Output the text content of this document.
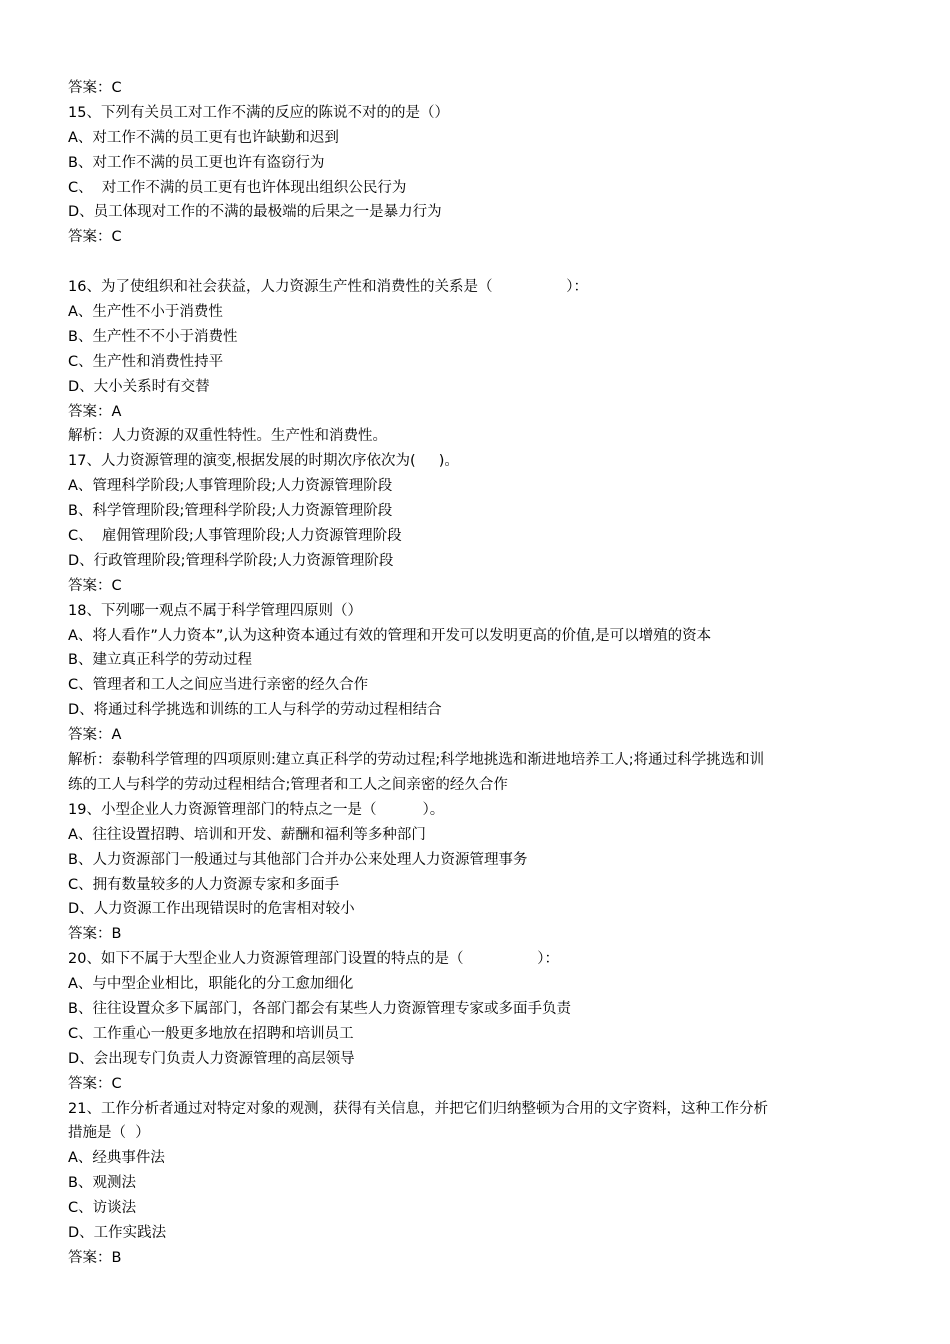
答案：C
15、下列有关员工对工作不满的反应的陈说不对的的是（）
A、对工作不满的员工更有也许缺勤和迟到
B、对工作不满的员工更也许有盗窃行为
C、  对工作不满的员工更有也许体现出组织公民行为
D、员工体现对工作的不满的最极端的后果之一是暴力行为
答案：C
16、为了使组织和社会获益，人力资源生产性和消费性的关系是（                ）：
A、生产性不小于消费性
B、生产性不不小于消费性
C、生产性和消费性持平
D、大小关系时有交替
答案：A
解析：人力资源的双重性特性。生产性和消费性。
17、人力资源管理的演变,根据发展的时期次序依次为(     )。
A、管理科学阶段;人事管理阶段;人力资源管理阶段
B、科学管理阶段;管理科学阶段;人力资源管理阶段
C、  雇佣管理阶段;人事管理阶段;人力资源管理阶段
D、行政管理阶段;管理科学阶段;人力资源管理阶段
答案：C
18、下列哪一观点不属于科学管理四原则（）
A、将人看作”人力资本”,认为这种资本通过有效的管理和开发可以发明更高的价值,是可以增殖的资本
B、建立真正科学的劳动过程
C、管理者和工人之间应当进行亲密的经久合作
D、将通过科学挑选和训练的工人与科学的劳动过程相结合
答案：A
解析：泰勒科学管理的四项原则:建立真正科学的劳动过程;科学地挑选和渐进地培养工人;将通过科学挑选和训
练的工人与科学的劳动过程相结合;管理者和工人之间亲密的经久合作
19、小型企业人力资源管理部门的特点之一是（          ）。
A、往往设置招聘、培训和开发、薪酬和福利等多种部门
B、人力资源部门一般通过与其他部门合并办公来处理人力资源管理事务
C、拥有数量较多的人力资源专家和多面手
D、人力资源工作出现错误时的危害相对较小
答案：B
20、如下不属于大型企业人力资源管理部门设置的特点的是（                ）：
A、与中型企业相比，职能化的分工愈加细化
B、往往设置众多下属部门，各部门都会有某些人力资源管理专家或多面手负责
C、工作重心一般更多地放在招聘和培训员工
D、会出现专门负责人力资源管理的高层领导
答案：C
21、工作分析者通过对特定对象的观测，获得有关信息，并把它们归纳整顿为合用的文字资料，这种工作分析
措施是（  ）
A、经典事件法
B、观测法
C、访谈法
D、工作实践法
答案：B
